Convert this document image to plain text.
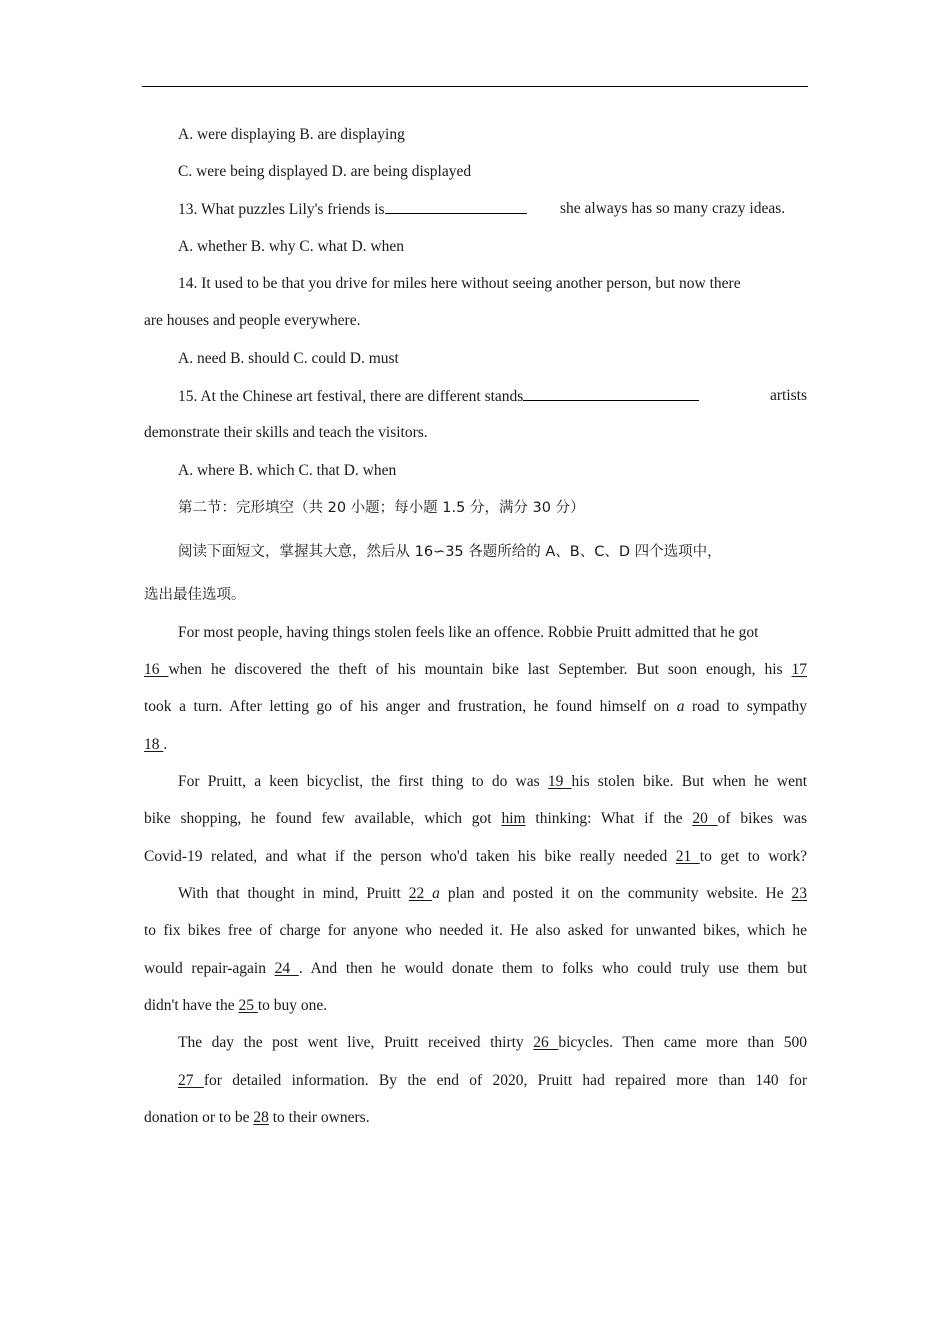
A. were displaying B. are displaying
C. were being displayed D. are being displayed
13. What puzzles Lily's friends is	she always has so many crazy ideas.
A. whether B. why C. what D. when
14. It used to be that you drive for miles here without seeing another person, but now there
are houses and people everywhere.
A. need B. should C. could D. must
15. At the Chinese art festival, there are different stands	artists
demonstrate their skills and teach the visitors.
A. where B. which C. that D. when
第二节：完形填空（共 20 小题；每小题 1.5 分，满分 30 分）
阅读下面短文，掌握其大意，然后从 16∽35 各题所给的 A、B、C、D 四个选项中，
选出最佳选项。
For most people, having things stolen feels like an offence. Robbie Pruitt admitted that he got
16 when he discovered the theft of his mountain bike last September. But soon enough, his 17
took a turn. After letting go of his anger and frustration, he found himself on a road to sympathy
18 .
For Pruitt, a keen bicyclist, the first thing to do was 19 his stolen bike. But when he went
bike shopping, he found few available, which got him thinking: What if the 20 of bikes was
Covid-19 related, and what if the person who'd taken his bike really needed 21 to get to work?
With that thought in mind, Pruitt 22 a plan and posted it on the community website. He 23
to fix bikes free of charge for anyone who needed it. He also asked for unwanted bikes, which he
would repair-again 24 . And then he would donate them to folks who could truly use them but
didn't have the 25 to buy one.
The day the post went live, Pruitt received thirty 26 bicycles. Then came more than 500
27 for detailed information. By the end of 2020, Pruitt had repaired more than 140 for
donation or to be 28 to their owners.
